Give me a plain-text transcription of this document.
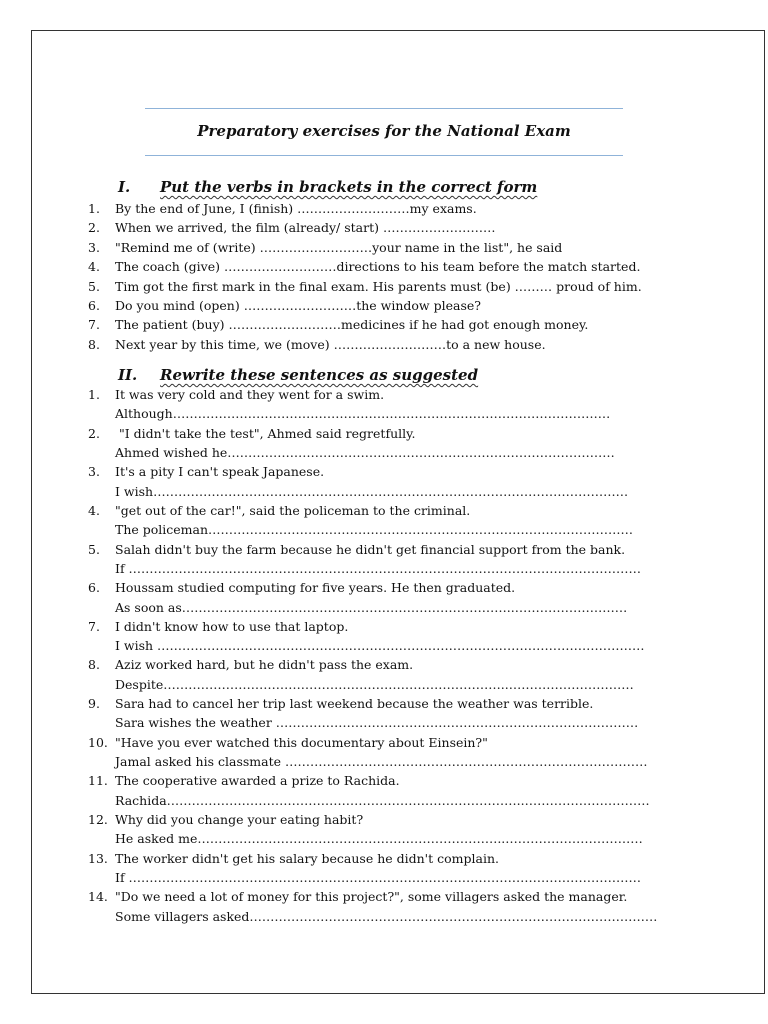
Preparatory exercises for the National Exam
I. Put the verbs in brackets in the correct form
1. By the end of June, I (finish) ………………………my exams.
2. When we arrived, the film (already/ start) ………………………
3. "Remind me of (write) ………………………your name in the list", he said
4. The coach (give) ………………………directions to his team before the match started.
5. Tim got the first mark in the final exam. His parents must (be) ……… proud of him.
6. Do you mind (open) ………………………the window please?
7. The patient (buy) ………………………medicines if he had got enough money.
8. Next year by this time, we (move) ………………………to a new house.
II. Rewrite these sentences as suggested
1. It was very cold and they went for a swim.
Although……………………………………………………………………………………………
2. "I didn't take the test", Ahmed said regretfully.
Ahmed wished he…………………………………………………………………………………
3. It's a pity I can't speak Japanese.
I wish……………………………………………………………………………………………………
4. "get out of the car!", said the policeman to the criminal.
The policeman…………………………………………………………………………………………
5. Salah didn't buy the farm because he didn't get financial support from the bank.
If ……………………………………………………………………………………………………………
6. Houssam studied computing for five years. He then graduated.
As soon as……………………………………………………………………..………………………
7. I didn't know how to use that laptop.
I wish ………………………………………………………………………………………………………
8. Aziz worked hard, but he didn't pass the exam.
Despite………………………………………………………………………..…………………………
9. Sara had to cancel her trip last weekend because the weather was terrible.
Sara wishes the weather ……………………………………………………………………………
10. "Have you ever watched this documentary about Einsein?"
Jamal asked his classmate ……………………………………………………………………………
11. The cooperative awarded a prize to Rachida.
Rachida…………………………………………………………………………..…………………………
12. Why did you change your eating habit?
He asked me………………………………………………………………..……………………………
13. The worker didn't get his salary because he didn't complain.
If ……………………………………………………………………………………………………………
14. "Do we need a lot of money for this project?", some villagers asked the manager.
Some villagers asked………………………………………..……………………………………………
